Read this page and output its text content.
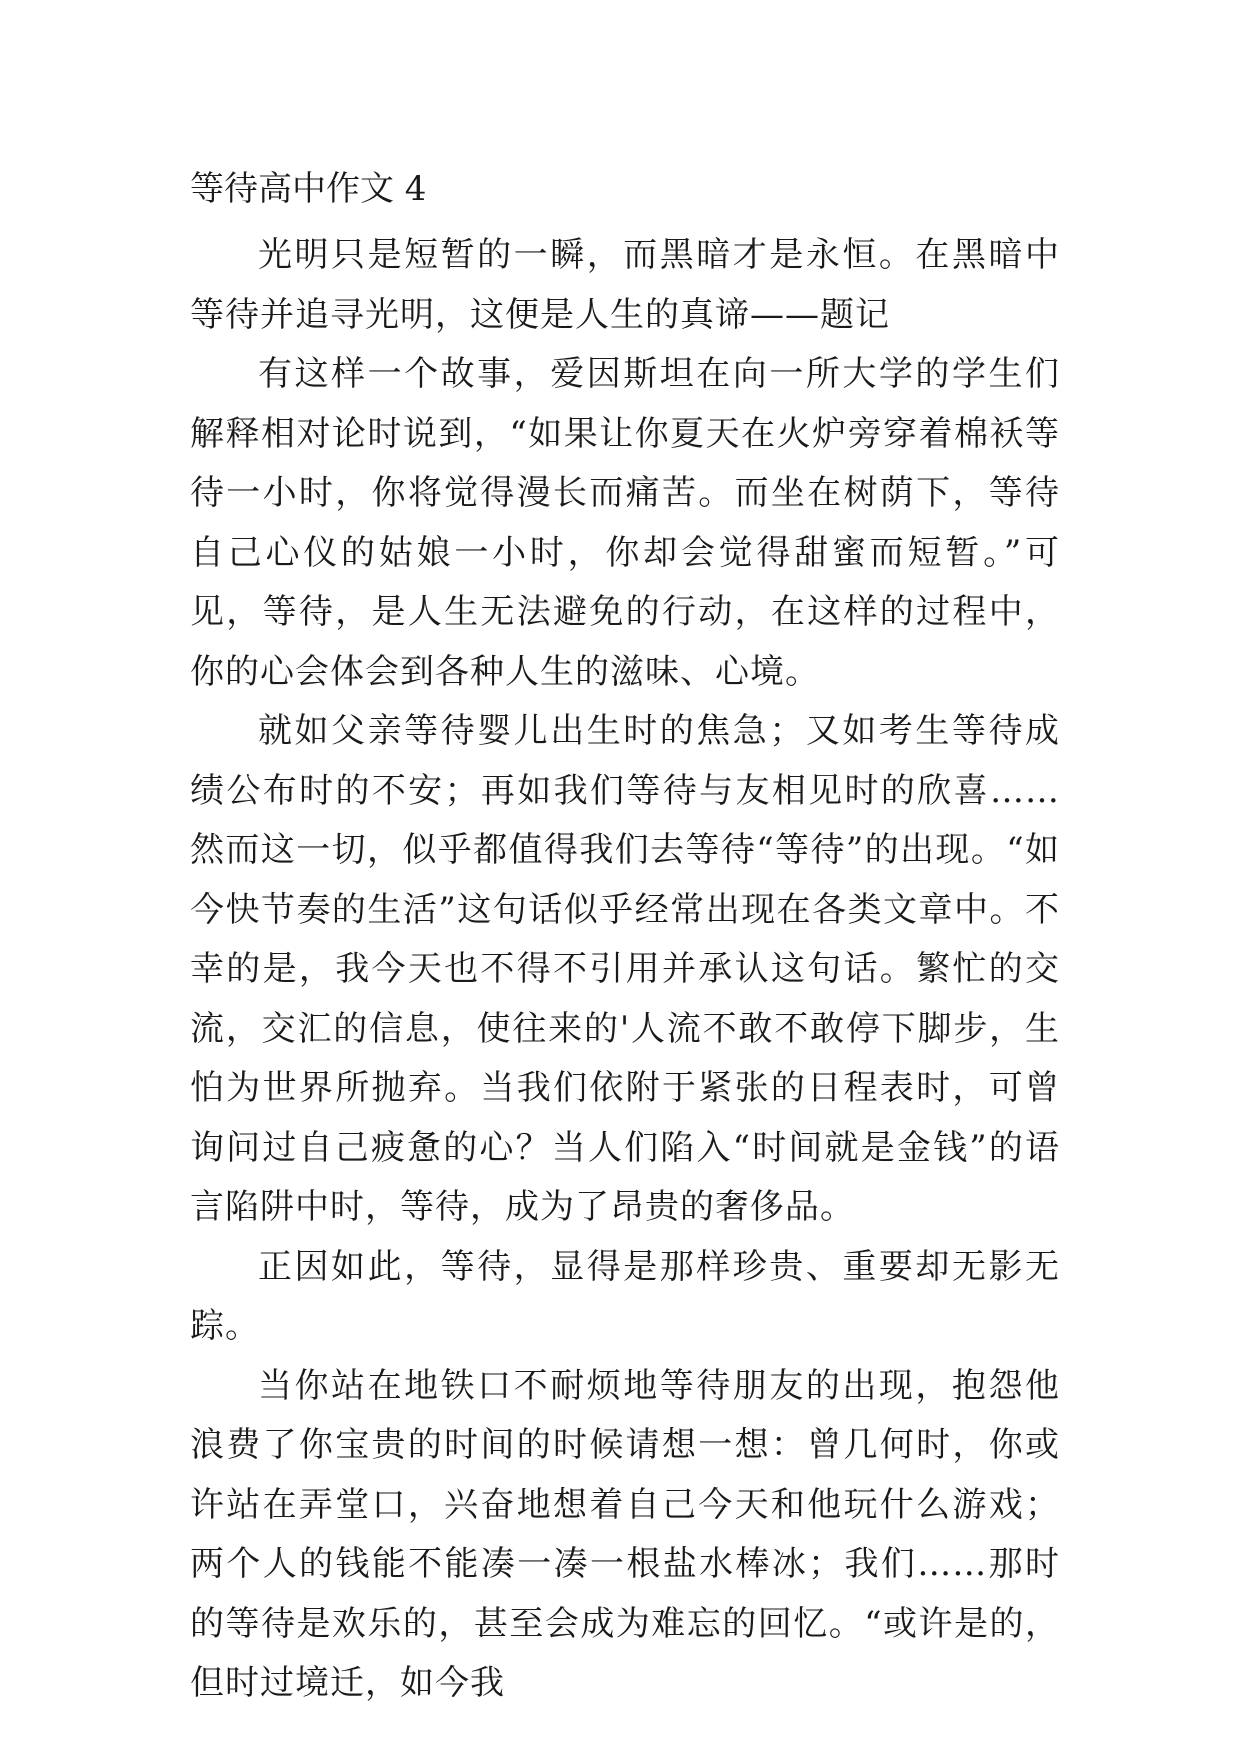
等待高中作文 4

光明只是短暂的一瞬，而黑暗才是永恒。在黑暗中等待并追寻光明，这便是人生的真谛——题记

有这样一个故事，爱因斯坦在向一所大学的学生们解释相对论时说到，“如果让你夏天在火炉旁穿着棉袄等待一小时，你将觉得漫长而痛苦。而坐在树荫下，等待自己心仪的姑娘一小时，你却会觉得甜蜜而短暂。”可见，等待，是人生无法避免的行动，在这样的过程中，你的心会体会到各种人生的滋味、心境。

就如父亲等待婴儿出生时的焦急；又如考生等待成绩公布时的不安；再如我们等待与友相见时的欣喜……然而这一切，似乎都值得我们去等待“等待”的出现。“如今快节奏的生活”这句话似乎经常出现在各类文章中。不幸的是，我今天也不得不引用并承认这句话。繁忙的交流，交汇的信息，使往来的'人流不敢不敢停下脚步，生怕为世界所抛弃。当我们依附于紧张的日程表时，可曾询问过自己疲惫的心？当人们陷入“时间就是金钱”的语言陷阱中时，等待，成为了昂贵的奢侈品。

正因如此，等待，显得是那样珍贵、重要却无影无踪。

当你站在地铁口不耐烦地等待朋友的出现，抱怨他浪费了你宝贵的时间的时候请想一想：曾几何时，你或许站在弄堂口，兴奋地想着自己今天和他玩什么游戏；两个人的钱能不能凑一凑一根盐水棒冰；我们……那时的等待是欢乐的，甚至会成为难忘的回忆。“或许是的，但时过境迁，如今我
